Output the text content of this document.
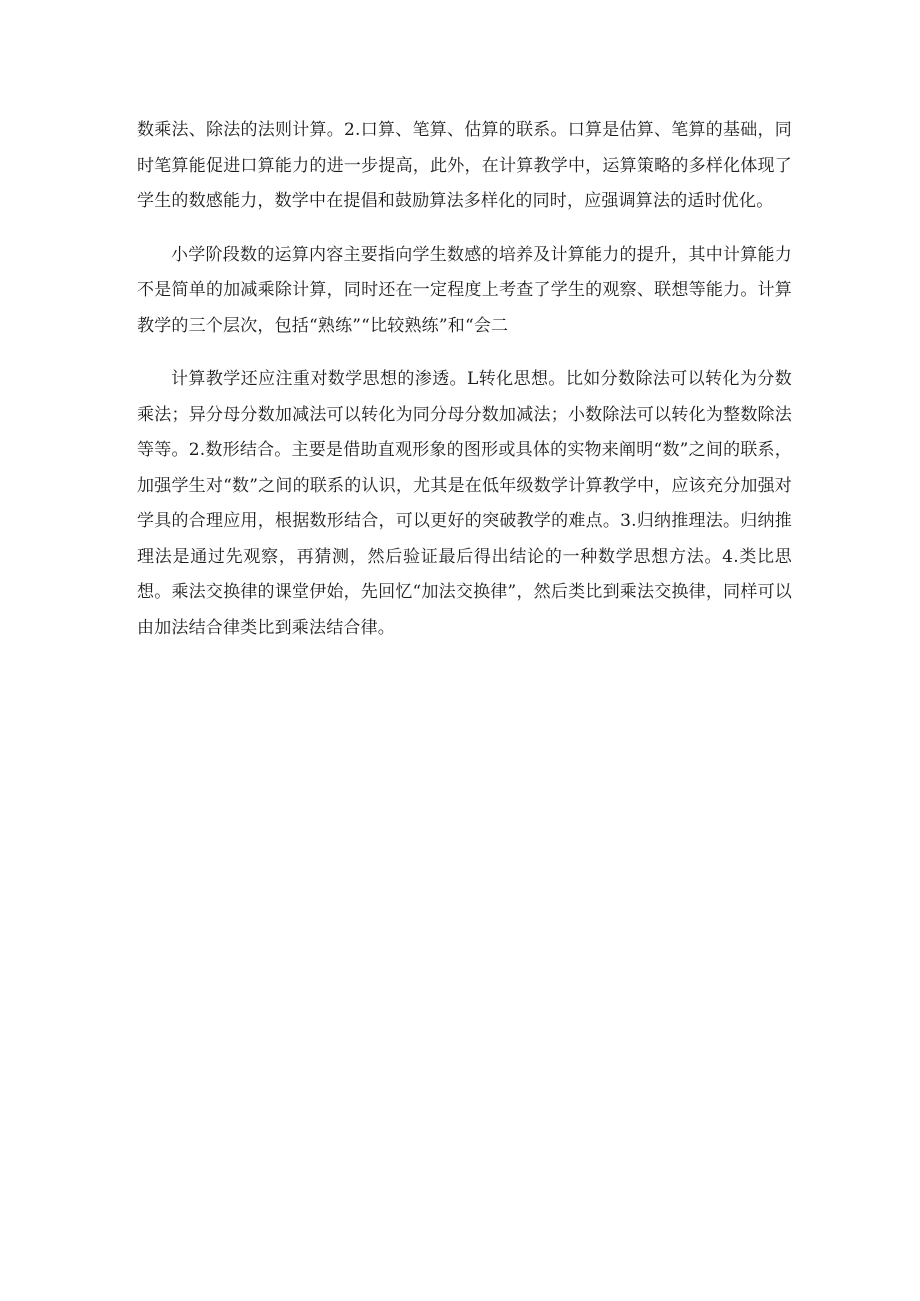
数乘法、除法的法则计算。2.口算、笔算、估算的联系。口算是估算、笔算的基础，同时笔算能促进口算能力的进一步提高，此外，在计算教学中，运算策略的多样化体现了学生的数感能力，数学中在提倡和鼓励算法多样化的同时，应强调算法的适时优化。

小学阶段数的运算内容主要指向学生数感的培养及计算能力的提升，其中计算能力不是简单的加减乘除计算，同时还在一定程度上考查了学生的观察、联想等能力。计算教学的三个层次，包括“熟练”“比较熟练”和“会二

计算教学还应注重对数学思想的渗透。L转化思想。比如分数除法可以转化为分数乘法；异分母分数加减法可以转化为同分母分数加减法；小数除法可以转化为整数除法等等。2.数形结合。主要是借助直观形象的图形或具体的实物来阐明“数”之间的联系，加强学生对“数”之间的联系的认识，尤其是在低年级数学计算教学中，应该充分加强对学具的合理应用，根据数形结合，可以更好的突破教学的难点。3.归纳推理法。归纳推理法是通过先观察，再猜测，然后验证最后得出结论的一种数学思想方法。4.类比思想。乘法交换律的课堂伊始，先回忆“加法交换律”，然后类比到乘法交换律，同样可以由加法结合律类比到乘法结合律。
